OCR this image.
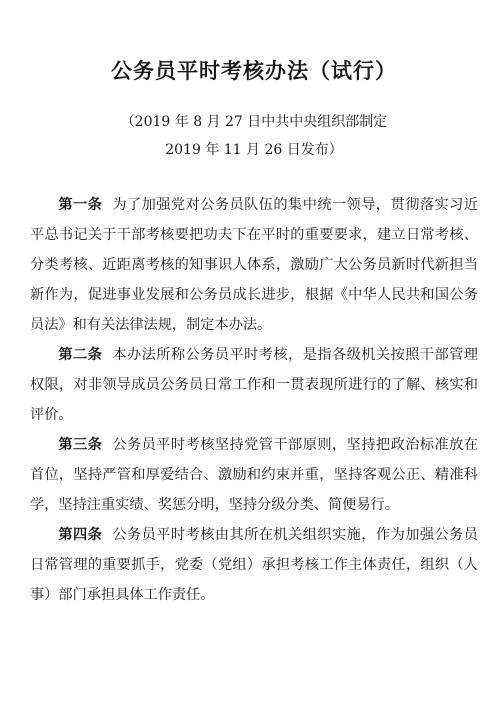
公务员平时考核办法（试行）
（2019 年 8 月 27 日中共中央组织部制定
2019 年 11 月 26 日发布）

第一条 为了加强党对公务员队伍的集中统一领导，贯彻落实习近平总书记关于干部考核要把功夫下在平时的重要要求，建立日常考核、分类考核、近距离考核的知事识人体系，激励广大公务员新时代新担当新作为，促进事业发展和公务员成长进步，根据《中华人民共和国公务员法》和有关法律法规，制定本办法。

第二条 本办法所称公务员平时考核，是指各级机关按照干部管理权限，对非领导成员公务员日常工作和一贯表现所进行的了解、核实和评价。

第三条 公务员平时考核坚持党管干部原则，坚持把政治标准放在首位，坚持严管和厚爱结合、激励和约束并重，坚持客观公正、精准科学，坚持注重实绩、奖惩分明，坚持分级分类、简便易行。

第四条 公务员平时考核由其所在机关组织实施，作为加强公务员日常管理的重要抓手，党委（党组）承担考核工作主体责任，组织（人事）部门承担具体工作责任。
